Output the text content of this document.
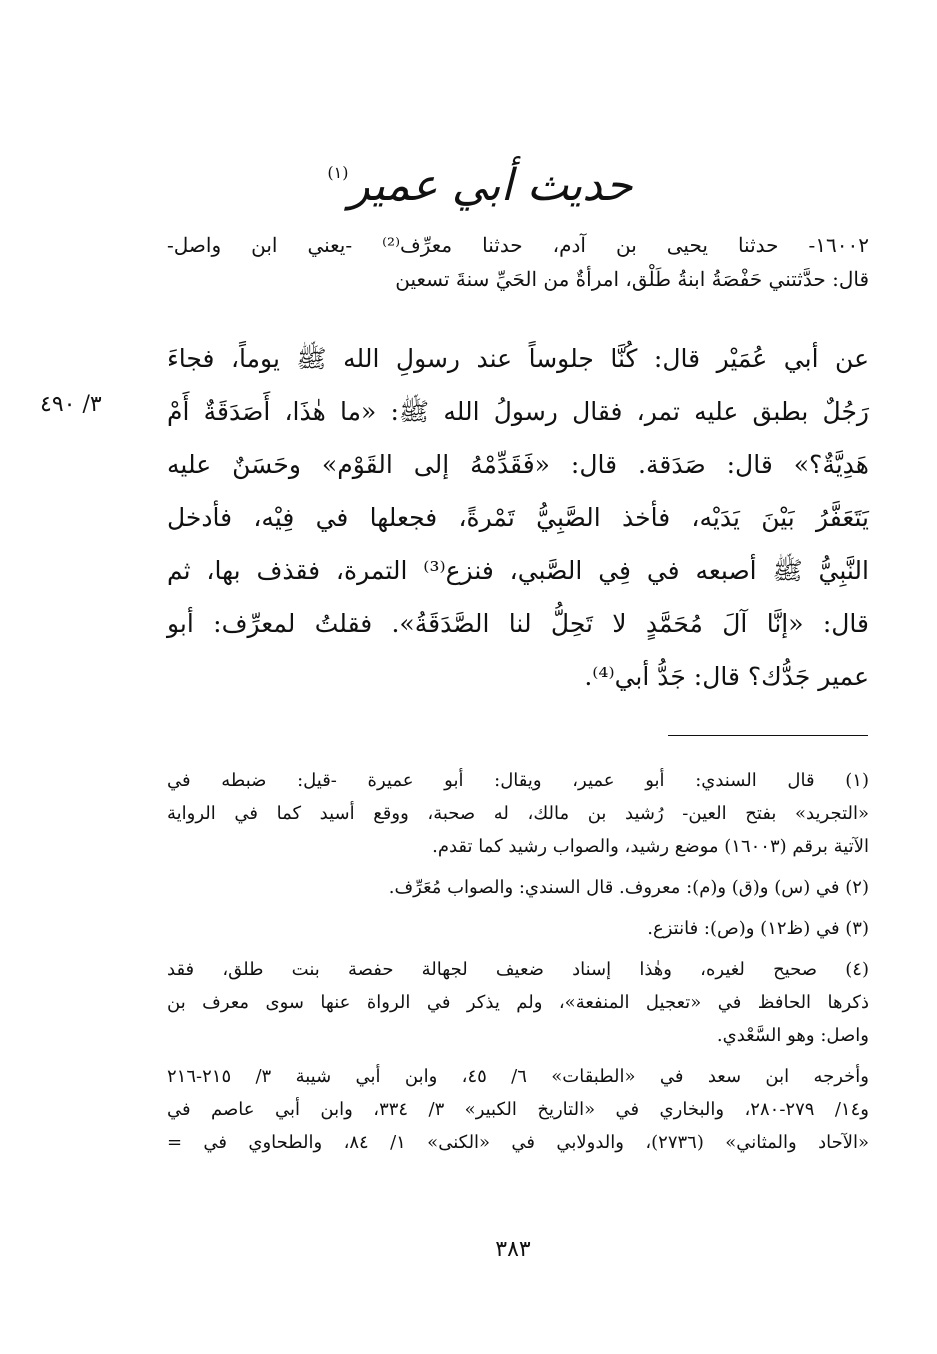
حديث أبي عمير$^{(١)}$
١٦٠٠٢- حدثنا يحيى بن آدم، حدثنا معرِّف⁽²⁾ -يعني ابن واصل-
قال: حدَّثتني حَفْصَةُ ابنةُ طَلْق، امرأةٌ من الحَيِّ سنةَ تسعين
عن أبي عُمَيْر قال: كُنَّا جلوساً عند رسولِ الله ﷺ يوماً، فجاءَ
رَجُلٌ بطبق عليه تمر، فقال رسولُ الله ﷺ: «ما هٰذَا، أَصَدَقَةٌ أَمْ
هَدِيَّةٌ؟» قال: صَدَقة. قال: «فَقَدِّمْهُ إلى القَوْم» وحَسَنٌ عليه
يَتَعَفَّرُ بَيْنَ يَدَيْه، فأخذ الصَّبِيُّ تَمْرةً، فجعلها في فِيْه، فأدخل
النَّبِيُّ ﷺ أصبعه في فِي الصَّبي، فنزع⁽³⁾ التمرة، فقذف بها، ثم
قال: «إنَّا آلَ مُحَمَّدٍ لا تَحِلُّ لنا الصَّدَقَةُ». فقلتُ لمعرِّف: أبو
عمير جَدُّك؟ قال: جَدُّ أبي⁽⁴⁾.
٣/ ٤٩٠
(١) قال السندي: أبو عمير، ويقال: أبو عميرة -قيل: ضبطه في
«التجريد» بفتح العين- رُشيد بن مالك، له صحبة، ووقع أسيد كما في الرواية
الآتية برقم (١٦٠٠٣) موضع رشيد، والصواب رشيد كما تقدم.
(٢) في (س) و(ق) و(م): معروف. قال السندي: والصواب مُعَرِّف.
(٣) في (ظ١٢) و(ص): فانتزع.
(٤) صحيح لغيره، وهٰذا إسناد ضعيف لجهالة حفصة بنت طلق، فقد
ذكرها الحافظ في «تعجيل المنفعة»، ولم يذكر في الرواة عنها سوى معرف بن
واصل: وهو السَّعْدي.
وأخرجه ابن سعد في «الطبقات» ٦/ ٤٥، وابن أبي شيبة ٣/ ٢١٥-٢١٦
و١٤/ ٢٧٩-٢٨٠، والبخاري في «التاريخ الكبير» ٣/ ٣٣٤، وابن أبي عاصم في
«الآحاد والمثاني» (٢٧٣٦)، والدولابي في «الكنى» ١/ ٨٤، والطحاوي في =
٣٨٣
